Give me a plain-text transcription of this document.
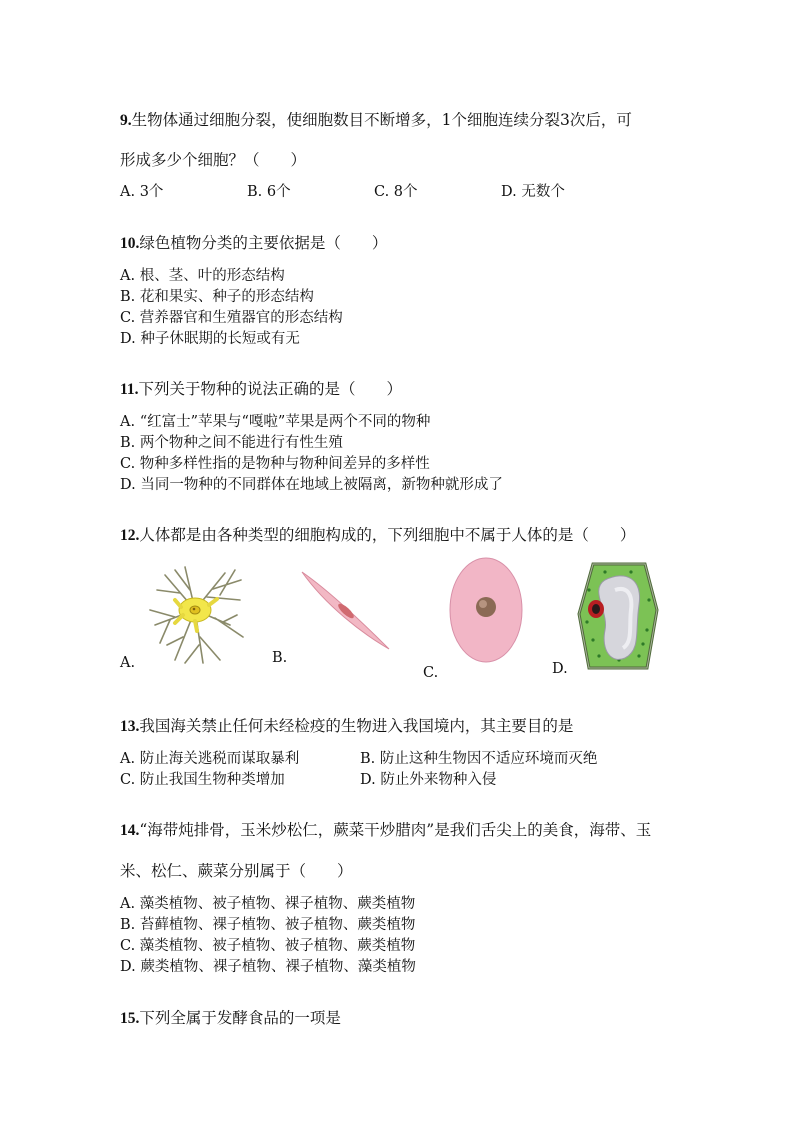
9.生物体通过细胞分裂，使细胞数目不断增多，1个细胞连续分裂3次后，可
形成多少个细胞？（　　）
A. 3个	B. 6个	C. 8个	D. 无数个
10.绿色植物分类的主要依据是（　　）
A. 根、茎、叶的形态结构
B. 花和果实、种子的形态结构
C. 营养器官和生殖器官的形态结构
D. 种子休眠期的长短或有无
11.下列关于物种的说法正确的是（　　）
A. “红富士”苹果与“嘎啦”苹果是两个不同的物种
B. 两个物种之间不能进行有性生殖
C. 物种多样性指的是物种与物种间差异的多样性
D. 当同一物种的不同群体在地域上被隔离，新物种就形成了
12.人体都是由各种类型的细胞构成的，下列细胞中不属于人体的是（　　）
A.	B.
C.	D.
13.我国海关禁止任何未经检疫的生物进入我国境内，其主要目的是
A. 防止海关逃税而谋取暴利	B. 防止这种生物因不适应环境而灭绝
C. 防止我国生物种类增加	D. 防止外来物种入侵
14.“海带炖排骨，玉米炒松仁，蕨菜干炒腊肉”是我们舌尖上的美食，海带、玉
米、松仁、蕨菜分别属于（　　）
A. 藻类植物、被子植物、裸子植物、蕨类植物
B. 苔藓植物、裸子植物、被子植物、蕨类植物
C. 藻类植物、被子植物、被子植物、蕨类植物
D. 蕨类植物、裸子植物、裸子植物、藻类植物
15.下列全属于发酵食品的一项是
